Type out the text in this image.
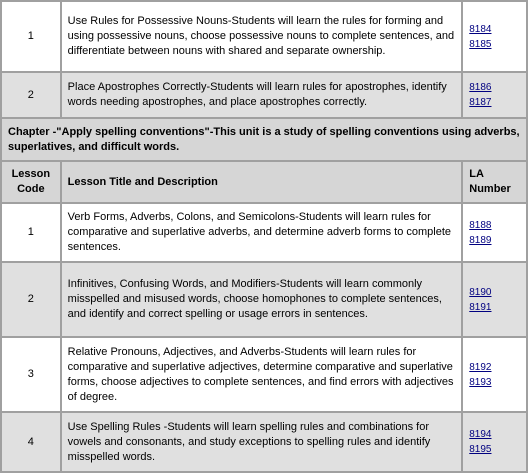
1	Use Rules for Possessive Nouns-Students will learn the rules for forming and using possessive nouns, choose possessive nouns to complete sentences, and differentiate between nouns with shared and separate ownership.	8184
8185

2	Place Apostrophes Correctly-Students will learn rules for apostrophes, identify words needing apostrophes, and place apostrophes correctly.	8186
8187

Chapter -"Apply spelling conventions"-This unit is a study of spelling conventions using adverbs, superlatives, and difficult words.		
Lesson Code	Lesson Title and Description	LA Number
1	Verb Forms, Adverbs, Colons, and Semicolons-Students will learn rules for comparative and superlative adverbs, and determine adverb forms to complete sentences.	8188
8189

2	Infinitives, Confusing Words, and Modifiers-Students will learn commonly misspelled and misused words, choose homophones to complete sentences, and identify and correct spelling or usage errors in sentences.	8190
8191

3	Relative Pronouns, Adjectives, and Adverbs-Students will learn rules for comparative and superlative adjectives, determine comparative and superlative forms, choose adjectives to complete sentences, and find errors with adjectives of degree.	8192
8193

4	Use Spelling Rules -Students will learn spelling rules and combinations for vowels and consonants, and study exceptions to spelling rules and identify misspelled words.	8194
8195
